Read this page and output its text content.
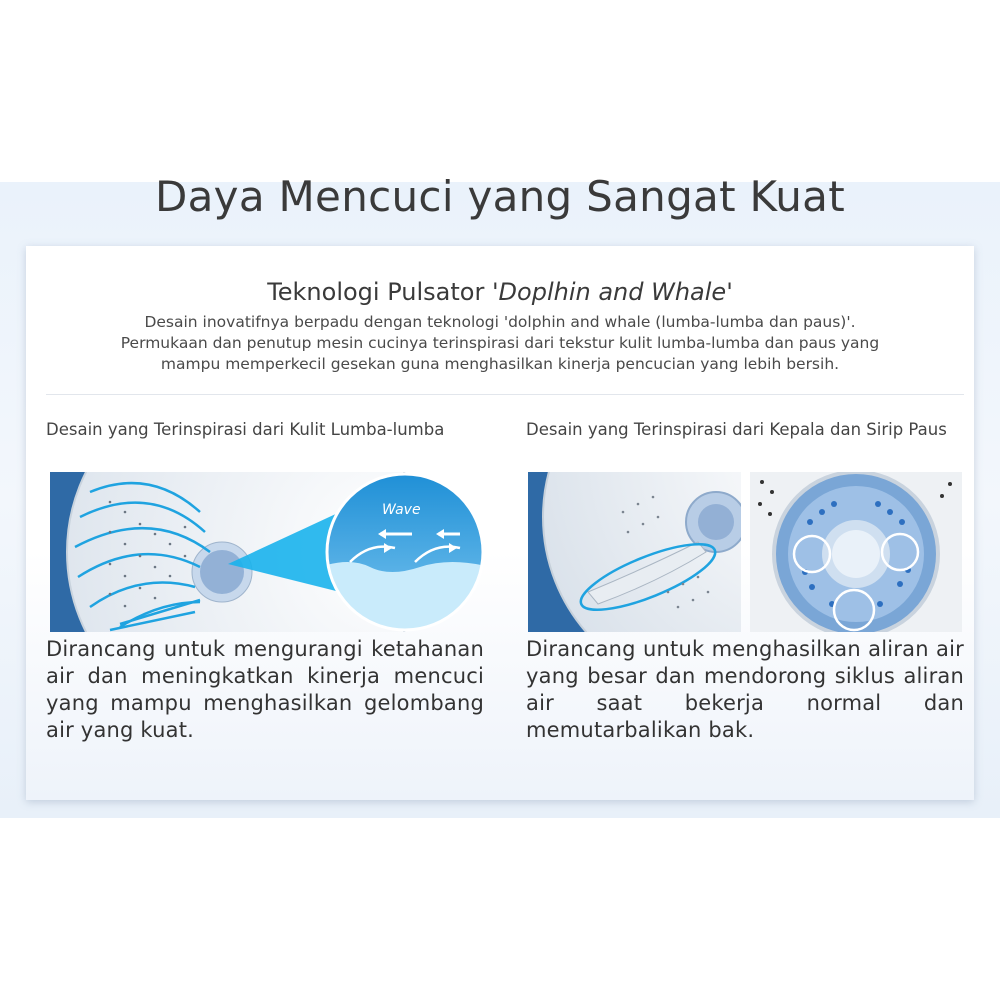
Daya Mencuci yang Sangat Kuat
Teknologi Pulsator 'Doplhin and Whale'
Desain inovatifnya berpadu dengan teknologi 'dolphin and whale (lumba-lumba dan paus)'.
Permukaan dan penutup mesin cucinya terinspirasi dari tekstur kulit lumba-lumba dan paus yang
mampu memperkecil gesekan guna menghasilkan kinerja pencucian yang lebih bersih.

Desain yang Terinspirasi dari Kulit Lumba-lumba

Wave

Dirancang untuk mengurangi ketahanan air dan meningkatkan kinerja mencuci yang mampu menghasilkan gelombang air yang kuat.

Desain yang Terinspirasi dari Kepala dan Sirip Paus

Dirancang untuk menghasilkan aliran air yang besar dan mendorong siklus aliran air saat bekerja normal dan memutarbalikan bak.
